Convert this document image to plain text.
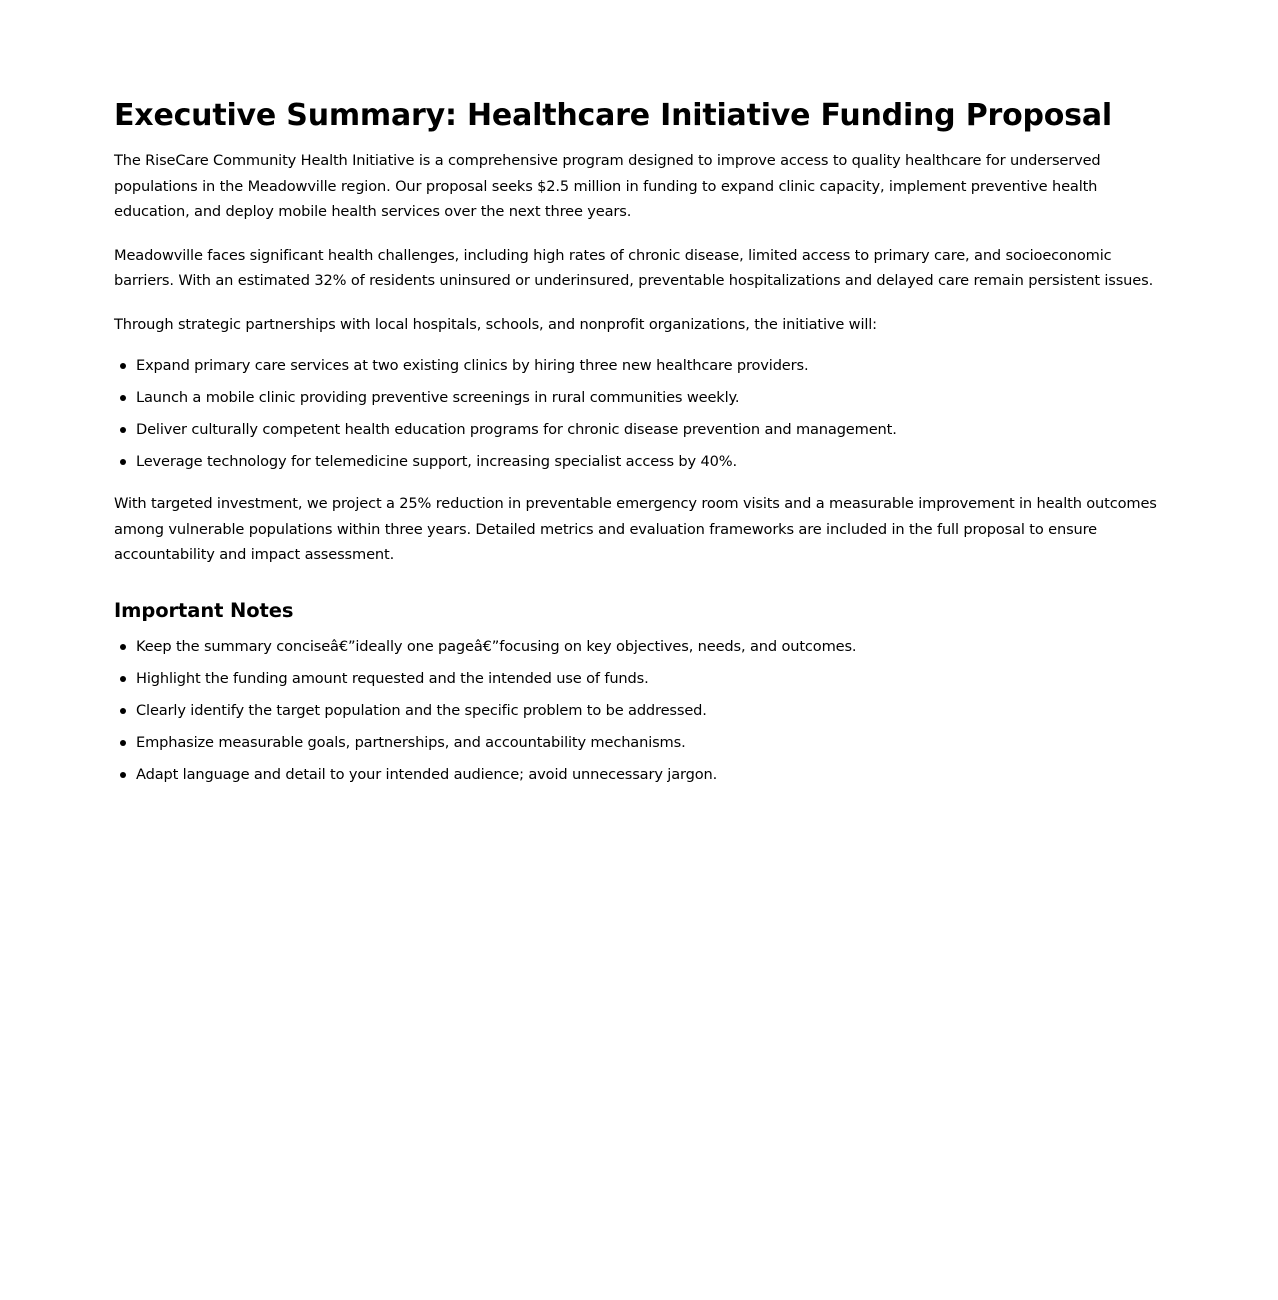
Executive Summary: Healthcare Initiative Funding Proposal

The RiseCare Community Health Initiative is a comprehensive program designed to improve access to quality healthcare for underserved populations in the Meadowville region. Our proposal seeks $2.5 million in funding to expand clinic capacity, implement preventive health education, and deploy mobile health services over the next three years.

Meadowville faces significant health challenges, including high rates of chronic disease, limited access to primary care, and socioeconomic barriers. With an estimated 32% of residents uninsured or underinsured, preventable hospitalizations and delayed care remain persistent issues.

Through strategic partnerships with local hospitals, schools, and nonprofit organizations, the initiative will:

Expand primary care services at two existing clinics by hiring three new healthcare providers.
Launch a mobile clinic providing preventive screenings in rural communities weekly.
Deliver culturally competent health education programs for chronic disease prevention and management.
Leverage technology for telemedicine support, increasing specialist access by 40%.

With targeted investment, we project a 25% reduction in preventable emergency room visits and a measurable improvement in health outcomes among vulnerable populations within three years. Detailed metrics and evaluation frameworks are included in the full proposal to ensure accountability and impact assessment.

Important Notes
Keep the summary conciseâ€”ideally one pageâ€”focusing on key objectives, needs, and outcomes.
Highlight the funding amount requested and the intended use of funds.
Clearly identify the target population and the specific problem to be addressed.
Emphasize measurable goals, partnerships, and accountability mechanisms.
Adapt language and detail to your intended audience; avoid unnecessary jargon.
